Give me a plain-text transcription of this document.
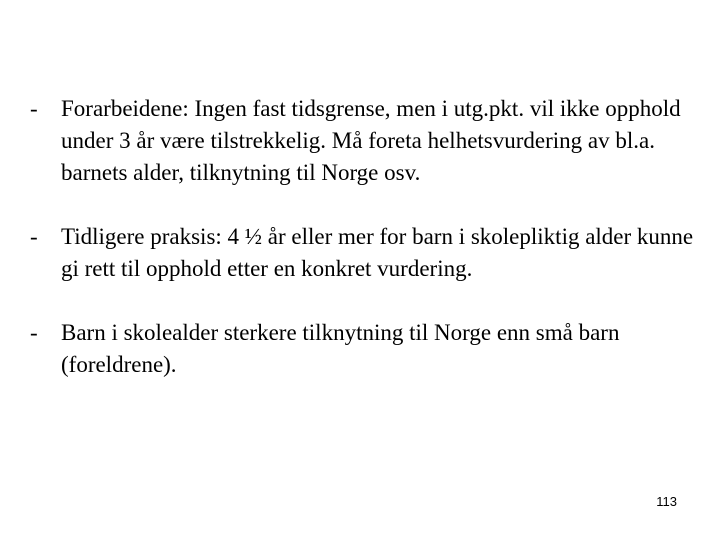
- Forarbeidene: Ingen fast tidsgrense, men i utg.pkt. vil ikke opphold under 3 år være tilstrekkelig. Må foreta helhetsvurdering av bl.a. barnets alder, tilknytning til Norge osv.
- Tidligere praksis: 4 ½ år eller mer for barn i skolepliktig alder kunne gi rett til opphold etter en konkret vurdering.
- Barn i skolealder sterkere tilknytning til Norge enn små barn (foreldrene).
113
